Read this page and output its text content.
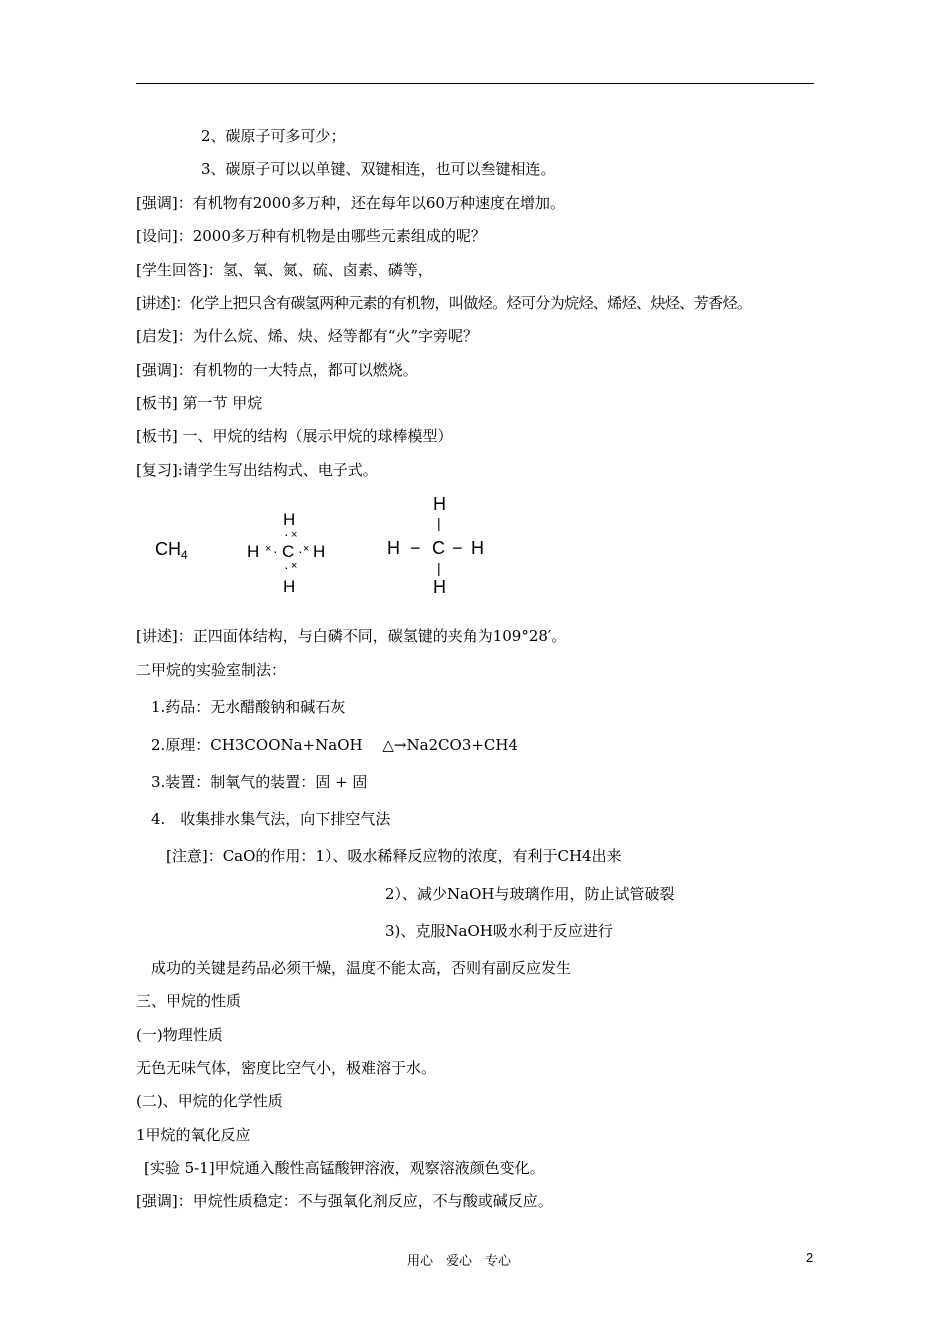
2、碳原子可多可少；
3、碳原子可以以单键、双键相连，也可以叁键相连。
[强调]：有机物有2000多万种，还在每年以60万种速度在增加。
[设问]：2000多万种有机物是由哪些元素组成的呢？
[学生回答]：氢、氧、氮、硫、卤素、磷等，
[讲述]：化学上把只含有碳氢两种元素的有机物，叫做烃。烃可分为烷烃、烯烃、炔烃、芳香烃。
[启发]：为什么烷、烯、炔、烃等都有“火”字旁呢？
[强调]：有机物的一大特点，都可以燃烧。
[板书] 第一节 甲烷
[板书] 一、甲烷的结构（展示甲烷的球棒模型）
[复习]:请学生写出结构式、电子式。
$CH_4$
H
· ×
H × · C · × H
· ×
H
H
|
H − C − H
|
H
[讲述]：正四面体结构，与白磷不同，碳氢键的夹角为109°28′。
二甲烷的实验室制法：
1.药品：无水醋酸钠和碱石灰
2.原理：CH3COONa+NaOH　 △→Na2CO3+CH4
3.装置：制氧气的装置：固 + 固
4.　收集排水集气法，向下排空气法
[注意]：CaO的作用：1）、吸水稀释反应物的浓度，有利于CH4出来
2）、减少NaOH与玻璃作用，防止试管破裂
3)、克服NaOH吸水利于反应进行
成功的关键是药品必须干燥，温度不能太高，否则有副反应发生
三、甲烷的性质
(一)物理性质
无色无味气体，密度比空气小，极难溶于水。
(二)、甲烷的化学性质
1甲烷的氧化反应
[实验 5-1]甲烷通入酸性高锰酸钾溶液，观察溶液颜色变化。
[强调]：甲烷性质稳定：不与强氧化剂反应，不与酸或碱反应。
用心　爱心　专心	2
